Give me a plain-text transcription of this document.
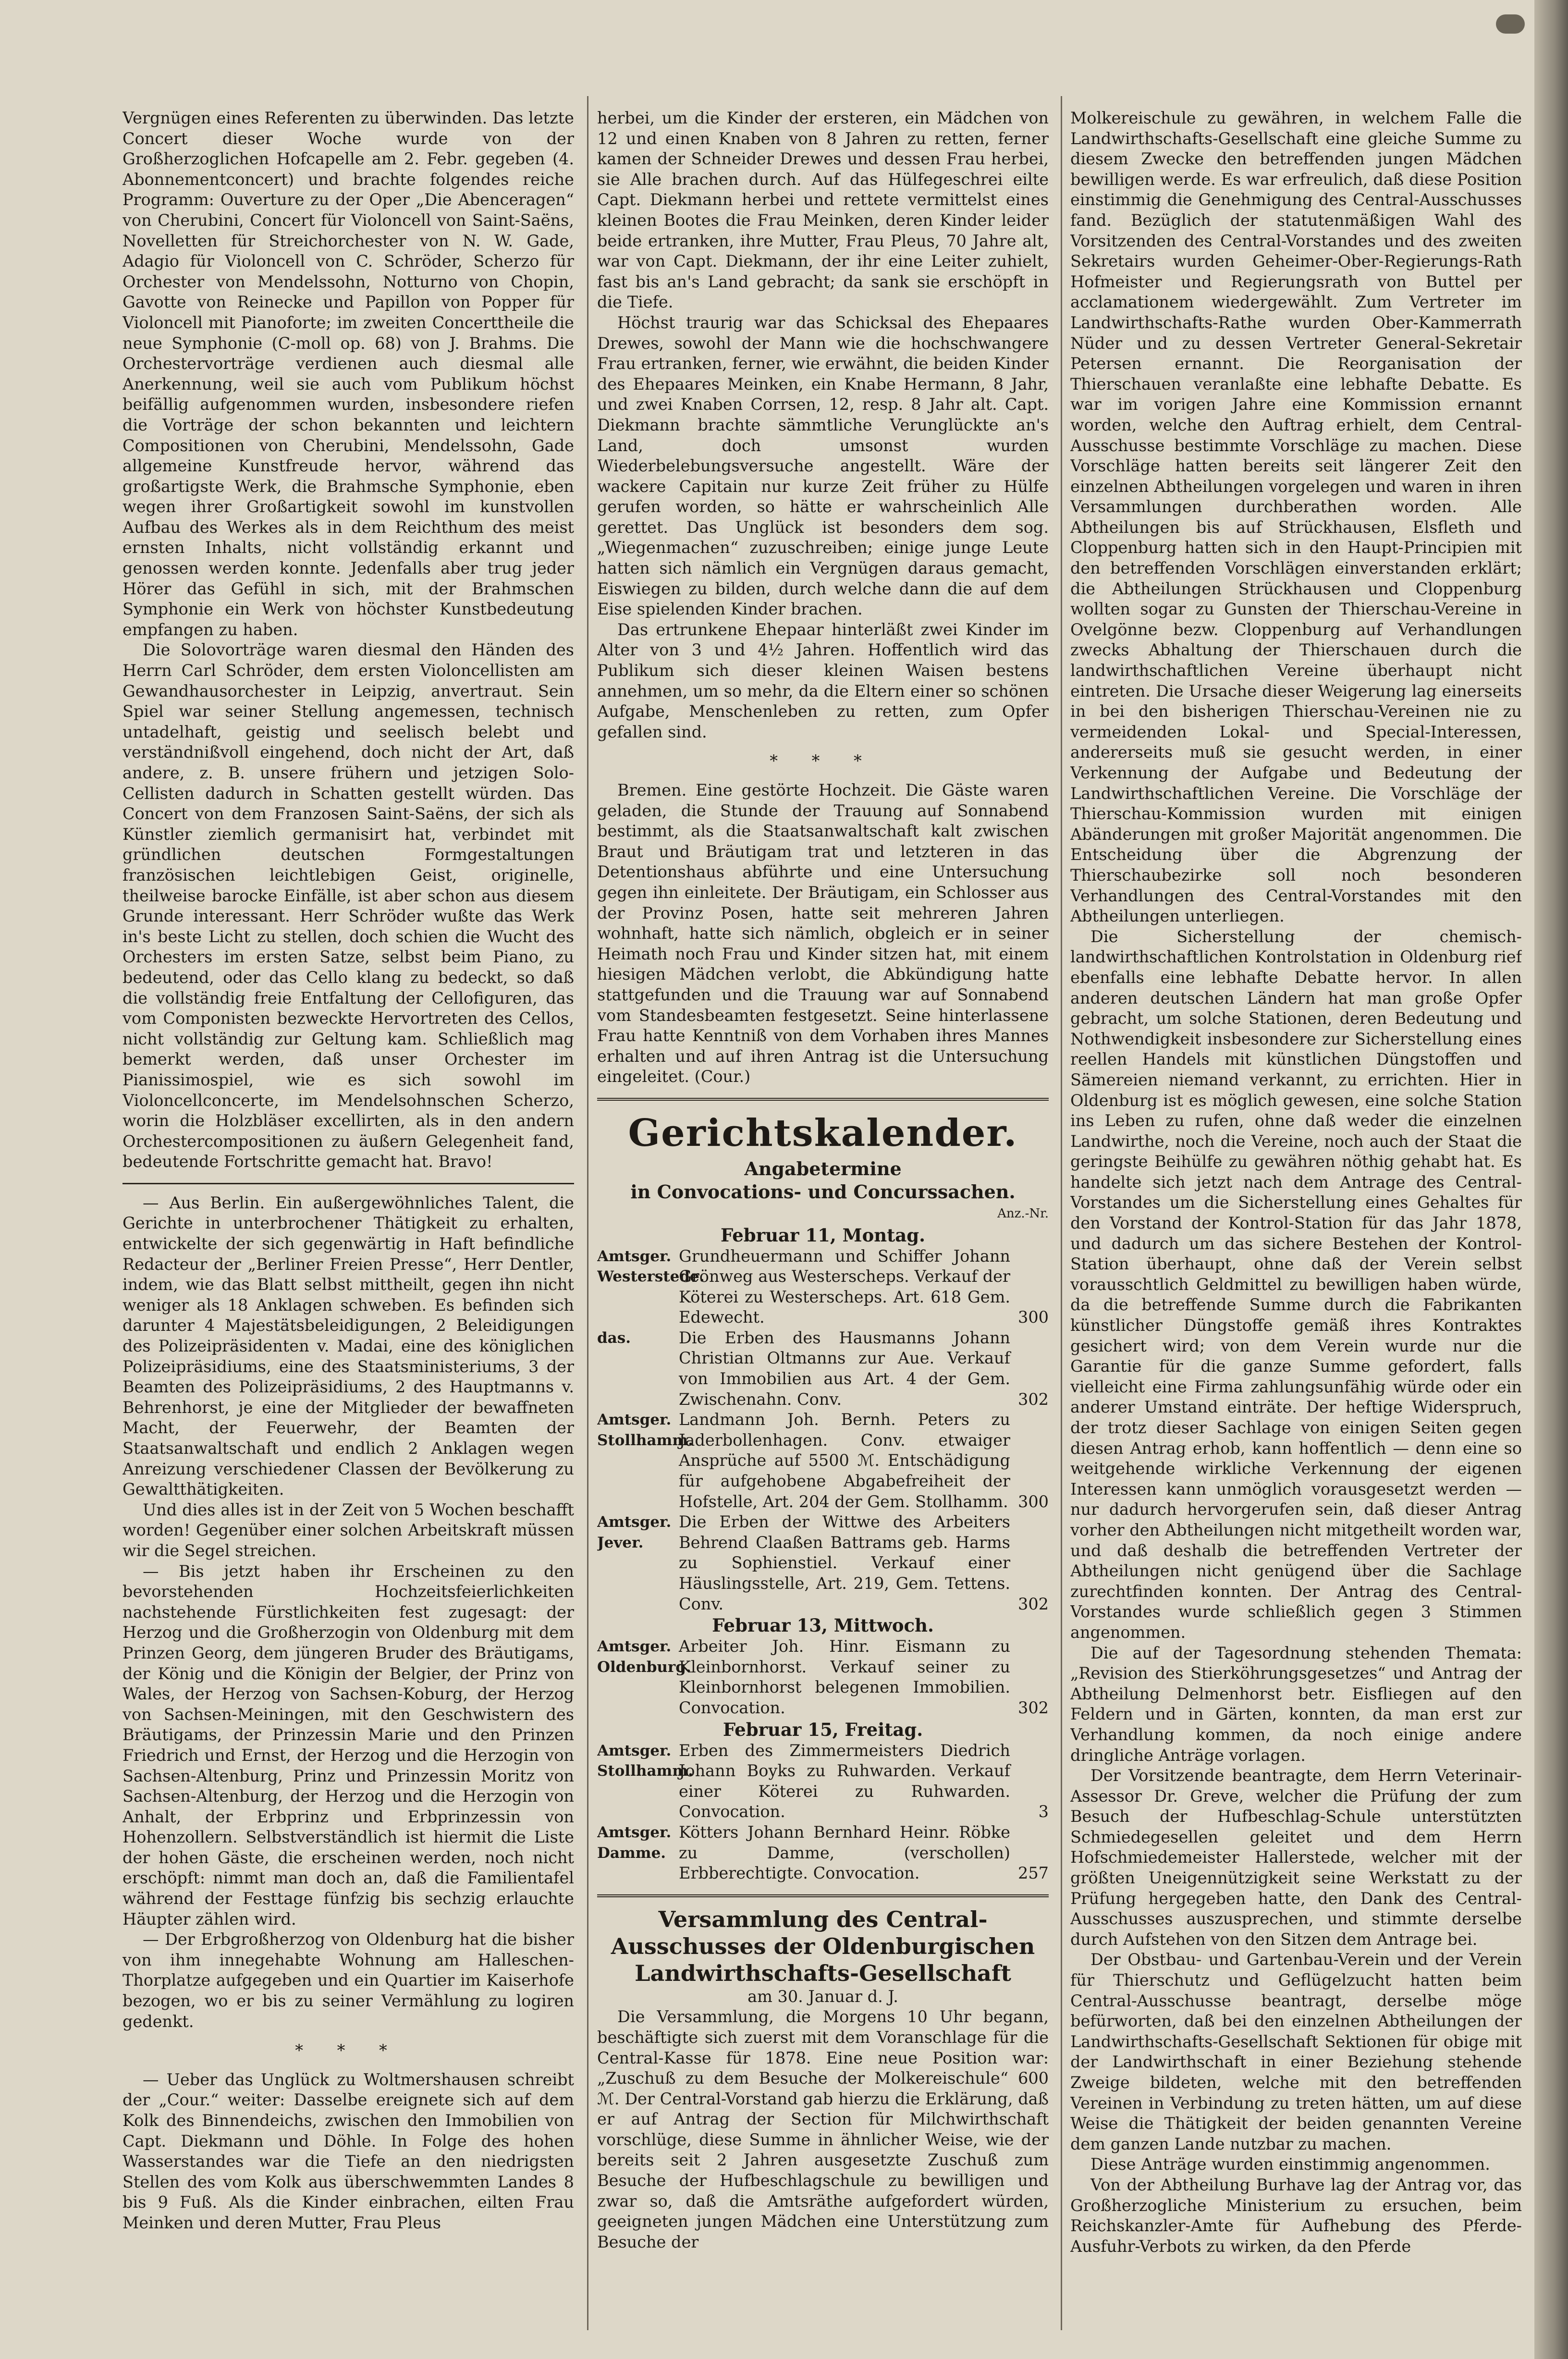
Vergnügen eines Referenten zu überwinden. Das letzte Concert dieser Woche wurde von der Großherzoglichen Hofcapelle am 2. Febr. gegeben (4. Abonnementconcert) und brachte folgendes reiche Programm: Ouverture zu der Oper „Die Abenceragen“ von Cherubini, Concert für Violoncell von Saint-Saëns, Novelletten für Streichorchester von N. W. Gade, Adagio für Violoncell von C. Schröder, Scherzo für Orchester von Mendelssohn, Notturno von Chopin, Gavotte von Reinecke und Papillon von Popper für Violoncell mit Pianoforte; im zweiten Concerttheile die neue Symphonie (C-moll op. 68) von J. Brahms. Die Orchestervorträge verdienen auch diesmal alle Anerkennung, weil sie auch vom Publikum höchst beifällig aufgenommen wurden, insbesondere riefen die Vorträge der schon bekannten und leichtern Compositionen von Cherubini, Mendelssohn, Gade allgemeine Kunstfreude hervor, während das großartigste Werk, die Brahmsche Symphonie, eben wegen ihrer Großartigkeit sowohl im kunstvollen Aufbau des Werkes als in dem Reichthum des meist ernsten Inhalts, nicht vollständig erkannt und genossen werden konnte. Jedenfalls aber trug jeder Hörer das Gefühl in sich, mit der Brahmschen Symphonie ein Werk von höchster Kunstbedeutung empfangen zu haben.

Die Solovorträge waren diesmal den Händen des Herrn Carl Schröder, dem ersten Violoncellisten am Gewandhausorchester in Leipzig, anvertraut. Sein Spiel war seiner Stellung angemessen, technisch untadelhaft, geistig und seelisch belebt und verständnißvoll eingehend, doch nicht der Art, daß andere, z. B. unsere frühern und jetzigen Solo-Cellisten dadurch in Schatten gestellt würden. Das Concert von dem Franzosen Saint-Saëns, der sich als Künstler ziemlich germanisirt hat, verbindet mit gründlichen deutschen Formgestaltungen französischen leichtlebigen Geist, originelle, theilweise barocke Einfälle, ist aber schon aus diesem Grunde interessant. Herr Schröder wußte das Werk in's beste Licht zu stellen, doch schien die Wucht des Orchesters im ersten Satze, selbst beim Piano, zu bedeutend, oder das Cello klang zu bedeckt, so daß die vollständig freie Entfaltung der Cellofiguren, das vom Componisten bezweckte Hervortreten des Cellos, nicht vollständig zur Geltung kam. Schließlich mag bemerkt werden, daß unser Orchester im Pianissimospiel, wie es sich sowohl im Violoncellconcerte, im Mendelsohnschen Scherzo, worin die Holzbläser excellirten, als in den andern Orchestercompositionen zu äußern Gelegenheit fand, bedeutende Fortschritte gemacht hat. Bravo!

— Aus Berlin. Ein außergewöhnliches Talent, die Gerichte in unterbrochener Thätigkeit zu erhalten, entwickelte der sich gegenwärtig in Haft befindliche Redacteur der „Berliner Freien Presse“, Herr Dentler, indem, wie das Blatt selbst mittheilt, gegen ihn nicht weniger als 18 Anklagen schweben. Es befinden sich darunter 4 Majestätsbeleidigungen, 2 Beleidigungen des Polizeipräsidenten v. Madai, eine des königlichen Polizeipräsidiums, eine des Staatsministeriums, 3 der Beamten des Polizeipräsidiums, 2 des Hauptmanns v. Behrenhorst, je eine der Mitglieder der bewaffneten Macht, der Feuerwehr, der Beamten der Staatsanwaltschaft und endlich 2 Anklagen wegen Anreizung verschiedener Classen der Bevölkerung zu Gewaltthätigkeiten.

Und dies alles ist in der Zeit von 5 Wochen beschafft worden! Gegenüber einer solchen Arbeitskraft müssen wir die Segel streichen.

— Bis jetzt haben ihr Erscheinen zu den bevorstehenden Hochzeitsfeierlichkeiten nachstehende Fürstlichkeiten fest zugesagt: der Herzog und die Großherzogin von Oldenburg mit dem Prinzen Georg, dem jüngeren Bruder des Bräutigams, der König und die Königin der Belgier, der Prinz von Wales, der Herzog von Sachsen-Koburg, der Herzog von Sachsen-Meiningen, mit den Geschwistern des Bräutigams, der Prinzessin Marie und den Prinzen Friedrich und Ernst, der Herzog und die Herzogin von Sachsen-Altenburg, Prinz und Prinzessin Moritz von Sachsen-Altenburg, der Herzog und die Herzogin von Anhalt, der Erbprinz und Erbprinzessin von Hohenzollern. Selbstverständlich ist hiermit die Liste der hohen Gäste, die erscheinen werden, noch nicht erschöpft: nimmt man doch an, daß die Familientafel während der Festtage fünfzig bis sechzig erlauchte Häupter zählen wird.

— Der Erbgroßherzog von Oldenburg hat die bisher von ihm innegehabte Wohnung am Halleschen-Thorplatze aufgegeben und ein Quartier im Kaiserhofe bezogen, wo er bis zu seiner Vermählung zu logiren gedenkt.

* * *

— Ueber das Unglück zu Woltmershausen schreibt der „Cour.“ weiter: Dasselbe ereignete sich auf dem Kolk des Binnendeichs, zwischen den Immobilien von Capt. Diekmann und Döhle. In Folge des hohen Wasserstandes war die Tiefe an den niedrigsten Stellen des vom Kolk aus überschwemmten Landes 8 bis 9 Fuß. Als die Kinder einbrachen, eilten Frau Meinken und deren Mutter, Frau Pleus

herbei, um die Kinder der ersteren, ein Mädchen von 12 und einen Knaben von 8 Jahren zu retten, ferner kamen der Schneider Drewes und dessen Frau herbei, sie Alle brachen durch. Auf das Hülfegeschrei eilte Capt. Diekmann herbei und rettete vermittelst eines kleinen Bootes die Frau Meinken, deren Kinder leider beide ertranken, ihre Mutter, Frau Pleus, 70 Jahre alt, war von Capt. Diekmann, der ihr eine Leiter zuhielt, fast bis an's Land gebracht; da sank sie erschöpft in die Tiefe.

Höchst traurig war das Schicksal des Ehepaares Drewes, sowohl der Mann wie die hochschwangere Frau ertranken, ferner, wie erwähnt, die beiden Kinder des Ehepaares Meinken, ein Knabe Hermann, 8 Jahr, und zwei Knaben Corrsen, 12, resp. 8 Jahr alt. Capt. Diekmann brachte sämmtliche Verunglückte an's Land, doch umsonst wurden Wiederbelebungsversuche angestellt. Wäre der wackere Capitain nur kurze Zeit früher zu Hülfe gerufen worden, so hätte er wahrscheinlich Alle gerettet. Das Unglück ist besonders dem sog. „Wiegenmachen“ zuzuschreiben; einige junge Leute hatten sich nämlich ein Vergnügen daraus gemacht, Eiswiegen zu bilden, durch welche dann die auf dem Eise spielenden Kinder brachen.

Das ertrunkene Ehepaar hinterläßt zwei Kinder im Alter von 3 und 4½ Jahren. Hoffentlich wird das Publikum sich dieser kleinen Waisen bestens annehmen, um so mehr, da die Eltern einer so schönen Aufgabe, Menschenleben zu retten, zum Opfer gefallen sind.

* * *

Bremen. Eine gestörte Hochzeit. Die Gäste waren geladen, die Stunde der Trauung auf Sonnabend bestimmt, als die Staatsanwaltschaft kalt zwischen Braut und Bräutigam trat und letzteren in das Detentionshaus abführte und eine Untersuchung gegen ihn einleitete. Der Bräutigam, ein Schlosser aus der Provinz Posen, hatte seit mehreren Jahren wohnhaft, hatte sich nämlich, obgleich er in seiner Heimath noch Frau und Kinder sitzen hat, mit einem hiesigen Mädchen verlobt, die Abkündigung hatte stattgefunden und die Trauung war auf Sonnabend vom Standesbeamten festgesetzt. Seine hinterlassene Frau hatte Kenntniß von dem Vorhaben ihres Mannes erhalten und auf ihren Antrag ist die Untersuchung eingeleitet. (Cour.)

Gerichtskalender.
Angabetermine
in Convocations- und Concurssachen.
Anz.-Nr.
Februar 11, Montag.
Amtsger. Westerstede.
Grundheuermann und Schiffer Johann Grönweg aus Westerscheps. Verkauf der Köterei zu Westerscheps. Art. 618 Gem. Edewecht.	300
das.	Die Erben des Hausmanns Johann Christian Oltmanns zur Aue. Verkauf von Immobilien aus Art. 4 der Gem. Zwischenahn. Conv.	302
Amtsger. Stollhamm.
Landmann Joh. Bernh. Peters zu Jaderbollenhagen. Conv. etwaiger Ansprüche auf 5500 ℳ. Entschädigung für aufgehobene Abgabefreiheit der Hofstelle, Art. 204 der Gem. Stollhamm. 300
Amtsger. Jever.
Die Erben der Wittwe des Arbeiters Behrend Claaßen Battrams geb. Harms zu Sophienstiel. Verkauf einer Häuslingsstelle, Art. 219, Gem. Tettens. Conv.	302
Februar 13, Mittwoch.
Amtsger. Oldenburg.
Arbeiter Joh. Hinr. Eismann zu Kleinbornhorst. Verkauf seiner zu Kleinbornhorst belegenen Immobilien. Convocation.	302
Februar 15, Freitag.
Amtsger. Stollhamm.
Erben des Zimmermeisters Diedrich Johann Boyks zu Ruhwarden. Verkauf einer Köterei zu Ruhwarden. Convocation.	3
Amtsger. Damme.
Kötters Johann Bernhard Heinr. Röbke zu Damme, (verschollen) Erbberechtigte. Convocation.	257
Versammlung des Central-Ausschusses der Oldenburgischen Landwirthschafts-Gesellschaft

am 30. Januar d. J.

Die Versammlung, die Morgens 10 Uhr begann, beschäftigte sich zuerst mit dem Voranschlage für die Central-Kasse für 1878. Eine neue Position war: „Zuschuß zu dem Besuche der Molkereischule“ 600 ℳ. Der Central-Vorstand gab hierzu die Erklärung, daß er auf Antrag der Section für Milchwirthschaft vorschlüge, diese Summe in ähnlicher Weise, wie der bereits seit 2 Jahren ausgesetzte Zuschuß zum Besuche der Hufbeschlagschule zu bewilligen und zwar so, daß die Amtsräthe aufgefordert würden, geeigneten jungen Mädchen eine Unterstützung zum Besuche der

Molkereischule zu gewähren, in welchem Falle die Landwirthschafts-Gesellschaft eine gleiche Summe zu diesem Zwecke den betreffenden jungen Mädchen bewilligen werde. Es war erfreulich, daß diese Position einstimmig die Genehmigung des Central-Ausschusses fand. Bezüglich der statutenmäßigen Wahl des Vorsitzenden des Central-Vorstandes und des zweiten Sekretairs wurden Geheimer-Ober-Regierungs-Rath Hofmeister und Regierungsrath von Buttel per acclamationem wiedergewählt. Zum Vertreter im Landwirthschafts-Rathe wurden Ober-Kammerrath Nüder und zu dessen Vertreter General-Sekretair Petersen ernannt. Die Reorganisation der Thierschauen veranlaßte eine lebhafte Debatte. Es war im vorigen Jahre eine Kommission ernannt worden, welche den Auftrag erhielt, dem Central-Ausschusse bestimmte Vorschläge zu machen. Diese Vorschläge hatten bereits seit längerer Zeit den einzelnen Abtheilungen vorgelegen und waren in ihren Versammlungen durchberathen worden. Alle Abtheilungen bis auf Strückhausen, Elsfleth und Cloppenburg hatten sich in den Haupt-Principien mit den betreffenden Vorschlägen einverstanden erklärt; die Abtheilungen Strückhausen und Cloppenburg wollten sogar zu Gunsten der Thierschau-Vereine in Ovelgönne bezw. Cloppenburg auf Verhandlungen zwecks Abhaltung der Thierschauen durch die landwirthschaftlichen Vereine überhaupt nicht eintreten. Die Ursache dieser Weigerung lag einerseits in bei den bisherigen Thierschau-Vereinen nie zu vermeidenden Lokal- und Special-Interessen, andererseits muß sie gesucht werden, in einer Verkennung der Aufgabe und Bedeutung der Landwirthschaftlichen Vereine. Die Vorschläge der Thierschau-Kommission wurden mit einigen Abänderungen mit großer Majorität angenommen. Die Entscheidung über die Abgrenzung der Thierschaubezirke soll noch besonderen Verhandlungen des Central-Vorstandes mit den Abtheilungen unterliegen.

Die Sicherstellung der chemisch-landwirthschaftlichen Kontrolstation in Oldenburg rief ebenfalls eine lebhafte Debatte hervor. In allen anderen deutschen Ländern hat man große Opfer gebracht, um solche Stationen, deren Bedeutung und Nothwendigkeit insbesondere zur Sicherstellung eines reellen Handels mit künstlichen Düngstoffen und Sämereien niemand verkannt, zu errichten. Hier in Oldenburg ist es möglich gewesen, eine solche Station ins Leben zu rufen, ohne daß weder die einzelnen Landwirthe, noch die Vereine, noch auch der Staat die geringste Beihülfe zu gewähren nöthig gehabt hat. Es handelte sich jetzt nach dem Antrage des Central-Vorstandes um die Sicherstellung eines Gehaltes für den Vorstand der Kontrol-Station für das Jahr 1878, und dadurch um das sichere Bestehen der Kontrol-Station überhaupt, ohne daß der Verein selbst vorausschtlich Geldmittel zu bewilligen haben würde, da die betreffende Summe durch die Fabrikanten künstlicher Düngstoffe gemäß ihres Kontraktes gesichert wird; von dem Verein wurde nur die Garantie für die ganze Summe gefordert, falls vielleicht eine Firma zahlungsunfähig würde oder ein anderer Umstand einträte. Der heftige Widerspruch, der trotz dieser Sachlage von einigen Seiten gegen diesen Antrag erhob, kann hoffentlich — denn eine so weitgehende wirkliche Verkennung der eigenen Interessen kann unmöglich vorausgesetzt werden — nur dadurch hervorgerufen sein, daß dieser Antrag vorher den Abtheilungen nicht mitgetheilt worden war, und daß deshalb die betreffenden Vertreter der Abtheilungen nicht genügend über die Sachlage zurechtfinden konnten. Der Antrag des Central-Vorstandes wurde schließlich gegen 3 Stimmen angenommen.

Die auf der Tagesordnung stehenden Themata: „Revision des Stierköhrungsgesetzes“ und Antrag der Abtheilung Delmenhorst betr. Eisfliegen auf den Feldern und in Gärten, konnten, da man erst zur Verhandlung kommen, da noch einige andere dringliche Anträge vorlagen.

Der Vorsitzende beantragte, dem Herrn Veterinair-Assessor Dr. Greve, welcher die Prüfung der zum Besuch der Hufbeschlag-Schule unterstützten Schmiedegesellen geleitet und dem Herrn Hofschmiedemeister Hallerstede, welcher mit der größten Uneigennützigkeit seine Werkstatt zu der Prüfung hergegeben hatte, den Dank des Central-Ausschusses auszusprechen, und stimmte derselbe durch Aufstehen von den Sitzen dem Antrage bei.

Der Obstbau- und Gartenbau-Verein und der Verein für Thierschutz und Geflügelzucht hatten beim Central-Ausschusse beantragt, derselbe möge befürworten, daß bei den einzelnen Abtheilungen der Landwirthschafts-Gesellschaft Sektionen für obige mit der Landwirthschaft in einer Beziehung stehende Zweige bildeten, welche mit den betreffenden Vereinen in Verbindung zu treten hätten, um auf diese Weise die Thätigkeit der beiden genannten Vereine dem ganzen Lande nutzbar zu machen.

Diese Anträge wurden einstimmig angenommen.

Von der Abtheilung Burhave lag der Antrag vor, das Großherzogliche Ministerium zu ersuchen, beim Reichskanzler-Amte für Aufhebung des Pferde-Ausfuhr-Verbots zu wirken, da den Pferde
